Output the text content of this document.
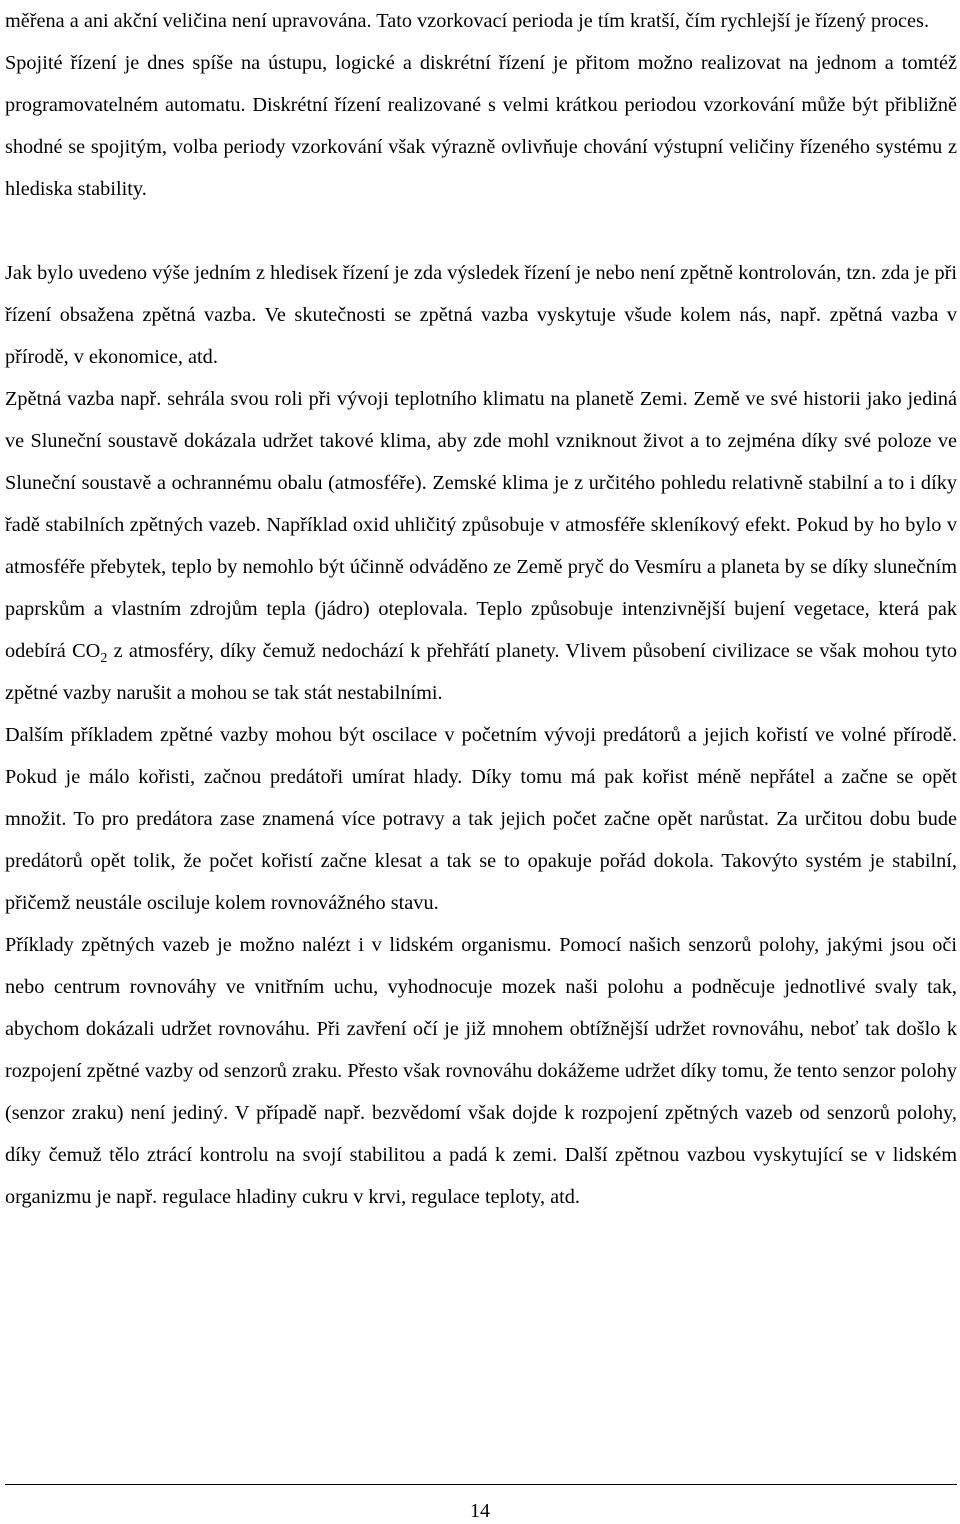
měřena a ani akční veličina není upravována. Tato vzorkovací perioda je tím kratší, čím rychlejší je řízený proces.

Spojité řízení je dnes spíše na ústupu, logické a diskrétní řízení je přitom možno realizovat na jednom a tomtéž programovatelném automatu. Diskrétní řízení realizované s velmi krátkou periodou vzorkování může být přibližně shodné se spojitým, volba periody vzorkování však výrazně ovlivňuje chování výstupní veličiny řízeného systému z hlediska stability.

Jak bylo uvedeno výše jedním z hledisek řízení je zda výsledek řízení je nebo není zpětně kontrolován, tzn. zda je při řízení obsažena zpětná vazba. Ve skutečnosti se zpětná vazba vyskytuje všude kolem nás, např. zpětná vazba v přírodě, v ekonomice, atd.

Zpětná vazba např. sehrála svou roli při vývoji teplotního klimatu na planetě Zemi. Země ve své historii jako jediná ve Sluneční soustavě dokázala udržet takové klima, aby zde mohl vzniknout život a to zejména díky své poloze ve Sluneční soustavě a ochrannému obalu (atmosféře). Zemské klima je z určitého pohledu relativně stabilní a to i díky řadě stabilních zpětných vazeb. Například oxid uhličitý způsobuje v atmosféře skleníkový efekt. Pokud by ho bylo v atmosféře přebytek, teplo by nemohlo být účinně odváděno ze Země pryč do Vesmíru a planeta by se díky slunečním paprskům a vlastním zdrojům tepla (jádro) oteplovala. Teplo způsobuje intenzivnější bujení vegetace, která pak odebírá $CO_2$ z atmosféry, díky čemuž nedochází k přehřátí planety. Vlivem působení civilizace se však mohou tyto zpětné vazby narušit a mohou se tak stát nestabilními.

Dalším příkladem zpětné vazby mohou být oscilace v početním vývoji predátorů a jejich kořistí ve volné přírodě. Pokud je málo kořisti, začnou predátoři umírat hlady. Díky tomu má pak kořist méně nepřátel a začne se opět množit. To pro predátora zase znamená více potravy a tak jejich počet začne opět narůstat. Za určitou dobu bude predátorů opět tolik, že počet kořistí začne klesat a tak se to opakuje pořád dokola. Takovýto systém je stabilní, přičemž neustále osciluje kolem rovnovážného stavu.

Příklady zpětných vazeb je možno nalézt i v lidském organismu. Pomocí našich senzorů polohy, jakými jsou oči nebo centrum rovnováhy ve vnitřním uchu, vyhodnocuje mozek naši polohu a podněcuje jednotlivé svaly tak, abychom dokázali udržet rovnováhu. Při zavření očí je již mnohem obtížnější udržet rovnováhu, neboť tak došlo k rozpojení zpětné vazby od senzorů zraku. Přesto však rovnováhu dokážeme udržet díky tomu, že tento senzor polohy (senzor zraku) není jediný. V případě např. bezvědomí však dojde k rozpojení zpětných vazeb od senzorů polohy, díky čemuž tělo ztrácí kontrolu na svojí stabilitou a padá k zemi. Další zpětnou vazbou vyskytující se v lidském organizmu je např. regulace hladiny cukru v krvi, regulace teploty, atd.

14
